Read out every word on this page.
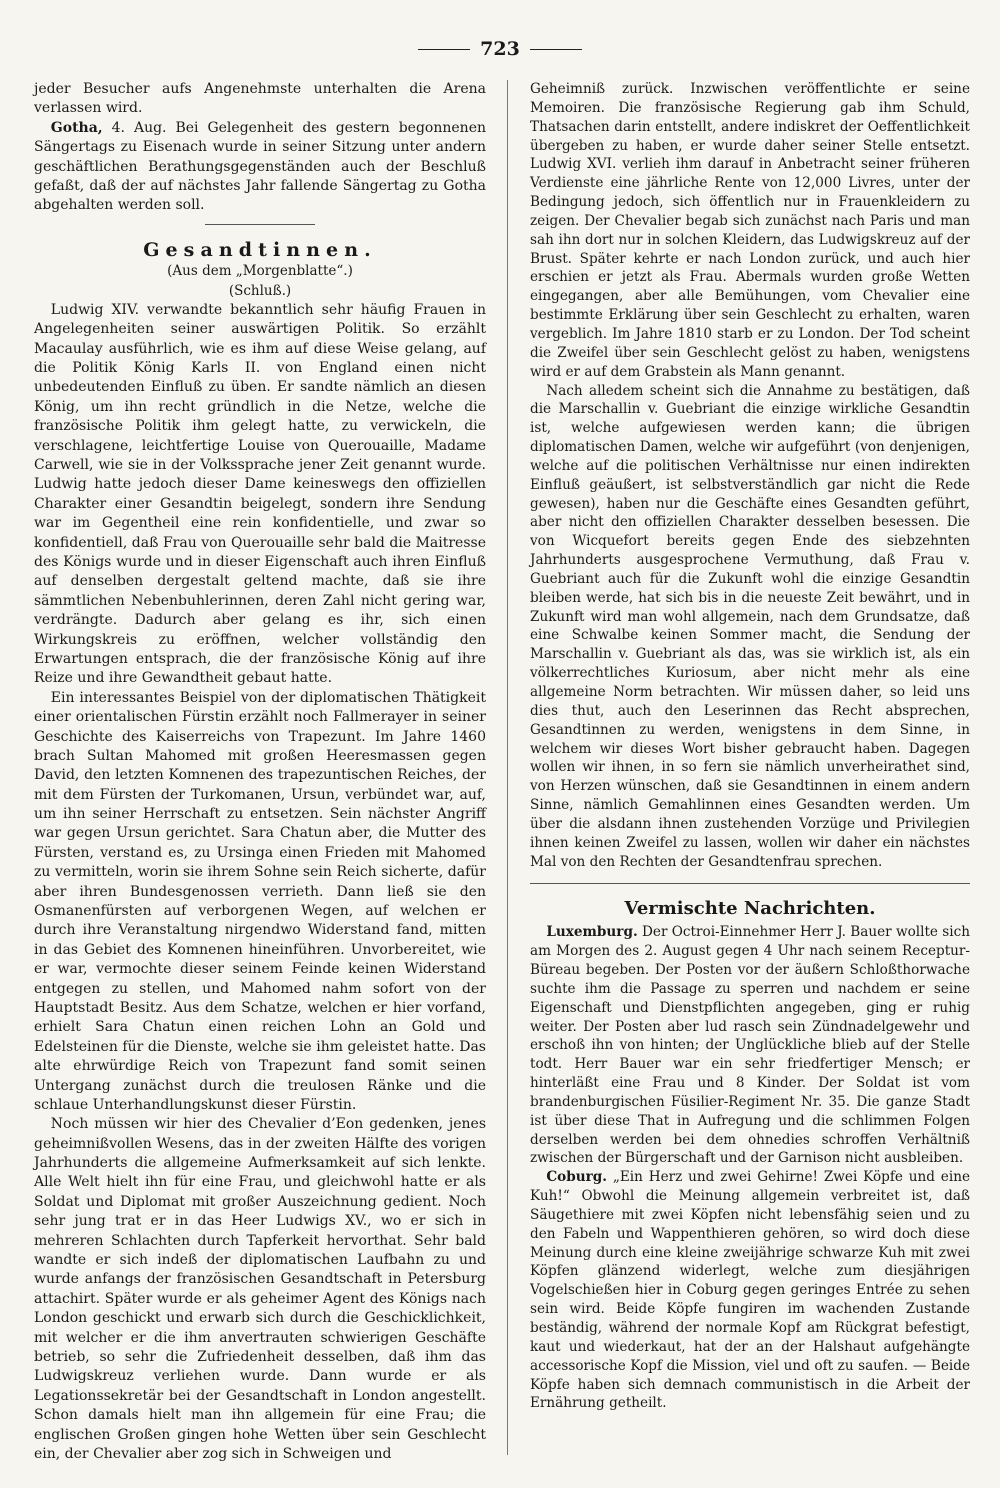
723

jeder Besucher aufs Angenehmste unterhalten die Arena verlassen wird.

Gotha, 4. Aug. Bei Gelegenheit des gestern begonnenen Sängertags zu Eisenach wurde in seiner Sitzung unter andern geschäftlichen Berathungsgegenständen auch der Beschluß gefaßt, daß der auf nächstes Jahr fallende Sängertag zu Gotha abgehalten werden soll.

Gesandtinnen.
(Aus dem „Morgenblatte“.)
(Schluß.)

Ludwig XIV. verwandte bekanntlich sehr häufig Frauen in Angelegenheiten seiner auswärtigen Politik. So erzählt Macaulay ausführlich, wie es ihm auf diese Weise gelang, auf die Politik König Karls II. von England einen nicht unbedeutenden Einfluß zu üben. Er sandte nämlich an diesen König, um ihn recht gründlich in die Netze, welche die französische Politik ihm gelegt hatte, zu verwickeln, die verschlagene, leichtfertige Louise von Querouaille, Madame Carwell, wie sie in der Volkssprache jener Zeit genannt wurde. Ludwig hatte jedoch dieser Dame keineswegs den offiziellen Charakter einer Gesandtin beigelegt, sondern ihre Sendung war im Gegentheil eine rein konfidentielle, und zwar so konfidentiell, daß Frau von Querouaille sehr bald die Maitresse des Königs wurde und in dieser Eigenschaft auch ihren Einfluß auf denselben dergestalt geltend machte, daß sie ihre sämmtlichen Nebenbuhlerinnen, deren Zahl nicht gering war, verdrängte. Dadurch aber gelang es ihr, sich einen Wirkungskreis zu eröffnen, welcher vollständig den Erwartungen entsprach, die der französische König auf ihre Reize und ihre Gewandtheit gebaut hatte.

Ein interessantes Beispiel von der diplomatischen Thätigkeit einer orientalischen Fürstin erzählt noch Fallmerayer in seiner Geschichte des Kaiserreichs von Trapezunt. Im Jahre 1460 brach Sultan Mahomed mit großen Heeresmassen gegen David, den letzten Komnenen des trapezuntischen Reiches, der mit dem Fürsten der Turkomanen, Ursun, verbündet war, auf, um ihn seiner Herrschaft zu entsetzen. Sein nächster Angriff war gegen Ursun gerichtet. Sara Chatun aber, die Mutter des Fürsten, verstand es, zu Ursinga einen Frieden mit Mahomed zu vermitteln, worin sie ihrem Sohne sein Reich sicherte, dafür aber ihren Bundesgenossen verrieth. Dann ließ sie den Osmanenfürsten auf verborgenen Wegen, auf welchen er durch ihre Veranstaltung nirgendwo Widerstand fand, mitten in das Gebiet des Komnenen hineinführen. Unvorbereitet, wie er war, vermochte dieser seinem Feinde keinen Widerstand entgegen zu stellen, und Mahomed nahm sofort von der Hauptstadt Besitz. Aus dem Schatze, welchen er hier vorfand, erhielt Sara Chatun einen reichen Lohn an Gold und Edelsteinen für die Dienste, welche sie ihm geleistet hatte. Das alte ehrwürdige Reich von Trapezunt fand somit seinen Untergang zunächst durch die treulosen Ränke und die schlaue Unterhandlungskunst dieser Fürstin.

Noch müssen wir hier des Chevalier d’Eon gedenken, jenes geheimnißvollen Wesens, das in der zweiten Hälfte des vorigen Jahrhunderts die allgemeine Aufmerksamkeit auf sich lenkte. Alle Welt hielt ihn für eine Frau, und gleichwohl hatte er als Soldat und Diplomat mit großer Auszeichnung gedient. Noch sehr jung trat er in das Heer Ludwigs XV., wo er sich in mehreren Schlachten durch Tapferkeit hervorthat. Sehr bald wandte er sich indeß der diplomatischen Laufbahn zu und wurde anfangs der französischen Gesandtschaft in Petersburg attachirt. Später wurde er als geheimer Agent des Königs nach London geschickt und erwarb sich durch die Geschicklichkeit, mit welcher er die ihm anvertrauten schwierigen Geschäfte betrieb, so sehr die Zufriedenheit desselben, daß ihm das Ludwigskreuz verliehen wurde. Dann wurde er als Legationssekretär bei der Gesandtschaft in London angestellt. Schon damals hielt man ihn allgemein für eine Frau; die englischen Großen gingen hohe Wetten über sein Geschlecht ein, der Chevalier aber zog sich in Schweigen und

Geheimniß zurück. Inzwischen veröffentlichte er seine Memoiren. Die französische Regierung gab ihm Schuld, Thatsachen darin entstellt, andere indiskret der Oeffentlichkeit übergeben zu haben, er wurde daher seiner Stelle entsetzt. Ludwig XVI. verlieh ihm darauf in Anbetracht seiner früheren Verdienste eine jährliche Rente von 12,000 Livres, unter der Bedingung jedoch, sich öffentlich nur in Frauenkleidern zu zeigen. Der Chevalier begab sich zunächst nach Paris und man sah ihn dort nur in solchen Kleidern, das Ludwigskreuz auf der Brust. Später kehrte er nach London zurück, und auch hier erschien er jetzt als Frau. Abermals wurden große Wetten eingegangen, aber alle Bemühungen, vom Chevalier eine bestimmte Erklärung über sein Geschlecht zu erhalten, waren vergeblich. Im Jahre 1810 starb er zu London. Der Tod scheint die Zweifel über sein Geschlecht gelöst zu haben, wenigstens wird er auf dem Grabstein als Mann genannt.

Nach alledem scheint sich die Annahme zu bestätigen, daß die Marschallin v. Guebriant die einzige wirkliche Gesandtin ist, welche aufgewiesen werden kann; die übrigen diplomatischen Damen, welche wir aufgeführt (von denjenigen, welche auf die politischen Verhältnisse nur einen indirekten Einfluß geäußert, ist selbstverständlich gar nicht die Rede gewesen), haben nur die Geschäfte eines Gesandten geführt, aber nicht den offiziellen Charakter desselben besessen. Die von Wicquefort bereits gegen Ende des siebzehnten Jahrhunderts ausgesprochene Vermuthung, daß Frau v. Guebriant auch für die Zukunft wohl die einzige Gesandtin bleiben werde, hat sich bis in die neueste Zeit bewährt, und in Zukunft wird man wohl allgemein, nach dem Grundsatze, daß eine Schwalbe keinen Sommer macht, die Sendung der Marschallin v. Guebriant als das, was sie wirklich ist, als ein völkerrechtliches Kuriosum, aber nicht mehr als eine allgemeine Norm betrachten. Wir müssen daher, so leid uns dies thut, auch den Leserinnen das Recht absprechen, Gesandtinnen zu werden, wenigstens in dem Sinne, in welchem wir dieses Wort bisher gebraucht haben. Dagegen wollen wir ihnen, in so fern sie nämlich unverheirathet sind, von Herzen wünschen, daß sie Gesandtinnen in einem andern Sinne, nämlich Gemahlinnen eines Gesandten werden. Um über die alsdann ihnen zustehenden Vorzüge und Privilegien ihnen keinen Zweifel zu lassen, wollen wir daher ein nächstes Mal von den Rechten der Gesandtenfrau sprechen.

Vermischte Nachrichten.

Luxemburg. Der Octroi-Einnehmer Herr J. Bauer wollte sich am Morgen des 2. August gegen 4 Uhr nach seinem Receptur-Büreau begeben. Der Posten vor der äußern Schloßthorwache suchte ihm die Passage zu sperren und nachdem er seine Eigenschaft und Dienstpflichten angegeben, ging er ruhig weiter. Der Posten aber lud rasch sein Zündnadelgewehr und erschoß ihn von hinten; der Unglückliche blieb auf der Stelle todt. Herr Bauer war ein sehr friedfertiger Mensch; er hinterläßt eine Frau und 8 Kinder. Der Soldat ist vom brandenburgischen Füsilier-Regiment Nr. 35. Die ganze Stadt ist über diese That in Aufregung und die schlimmen Folgen derselben werden bei dem ohnedies schroffen Verhältniß zwischen der Bürgerschaft und der Garnison nicht ausbleiben.

Coburg. „Ein Herz und zwei Gehirne! Zwei Köpfe und eine Kuh!“ Obwohl die Meinung allgemein verbreitet ist, daß Säugethiere mit zwei Köpfen nicht lebensfähig seien und zu den Fabeln und Wappenthieren gehören, so wird doch diese Meinung durch eine kleine zweijährige schwarze Kuh mit zwei Köpfen glänzend widerlegt, welche zum diesjährigen Vogelschießen hier in Coburg gegen geringes Entrée zu sehen sein wird. Beide Köpfe fungiren im wachenden Zustande beständig, während der normale Kopf am Rückgrat befestigt, kaut und wiederkaut, hat der an der Halshaut aufgehängte accessorische Kopf die Mission, viel und oft zu saufen. — Beide Köpfe haben sich demnach communistisch in die Arbeit der Ernährung getheilt.
